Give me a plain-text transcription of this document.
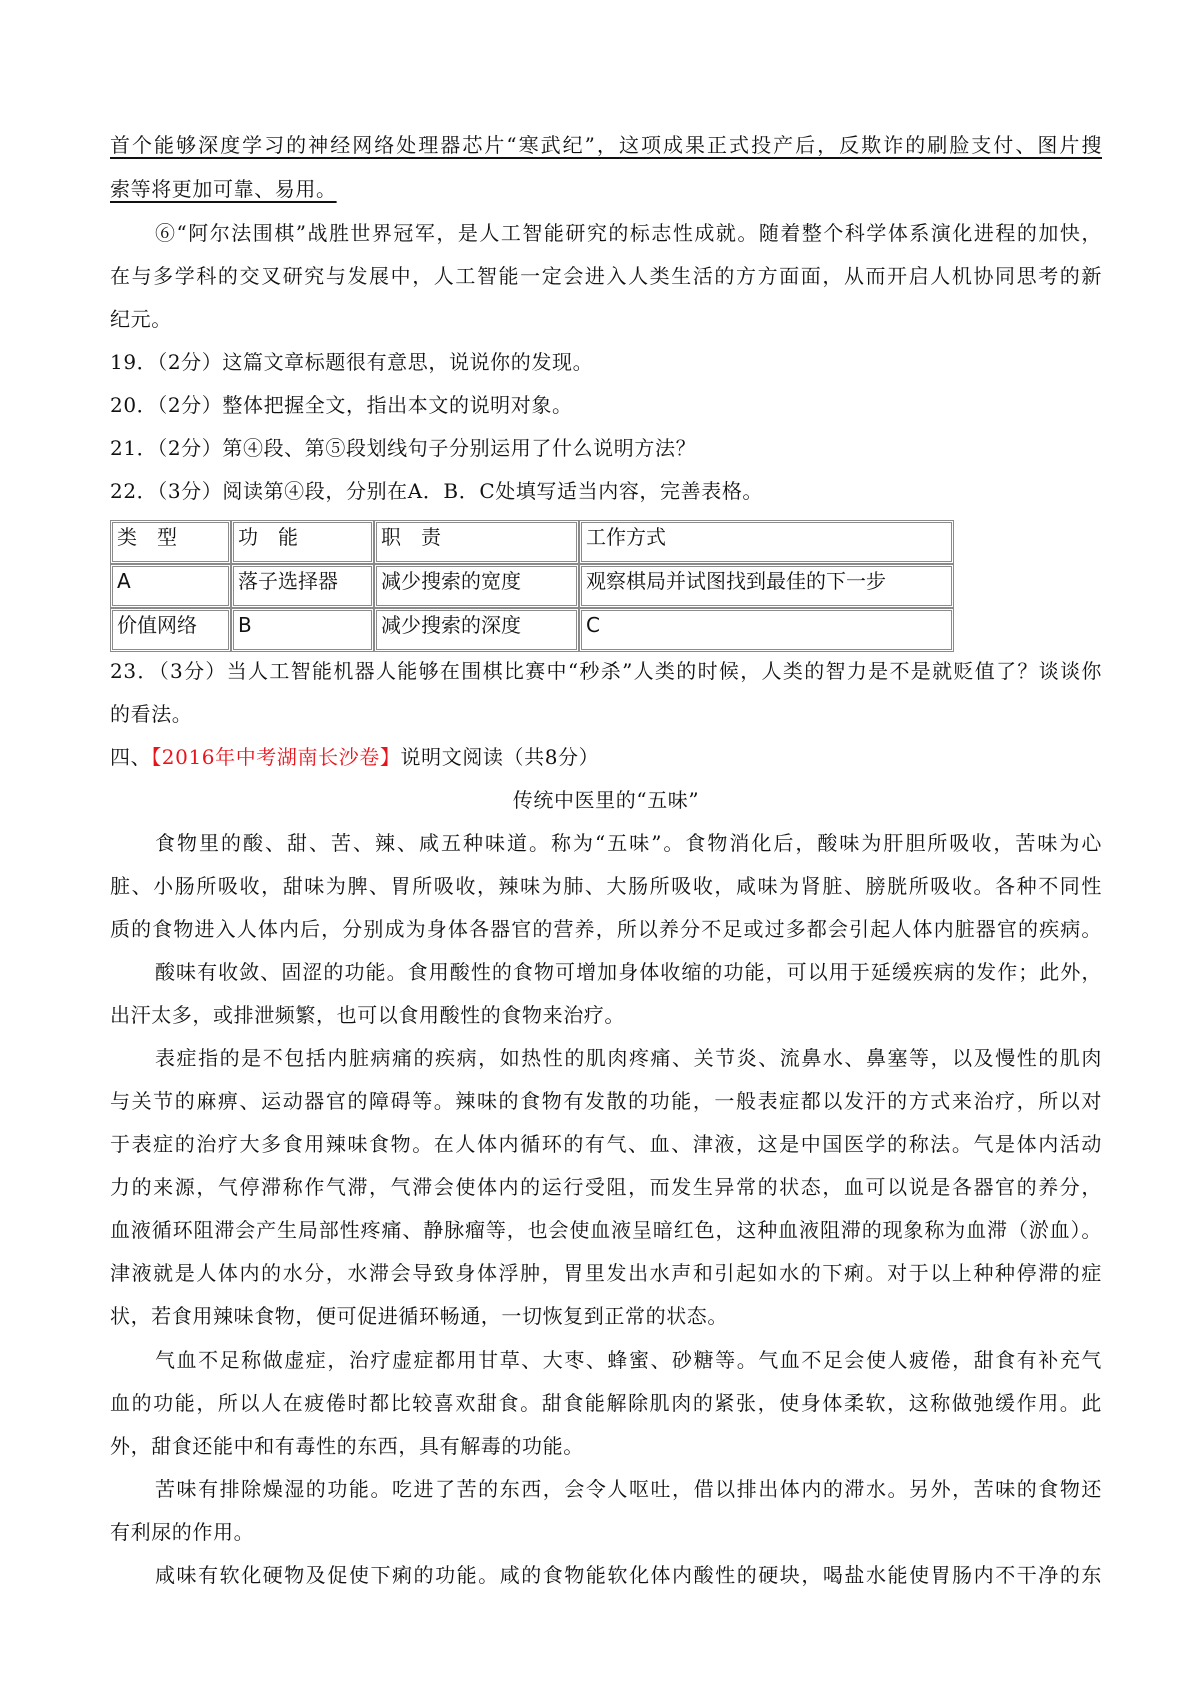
首个能够深度学习的神经网络处理器芯片“寒武纪”，这项成果正式投产后，反欺诈的刷脸支付、图片搜
索等将更加可靠、易用。
⑥“阿尔法围棋”战胜世界冠军，是人工智能研究的标志性成就。随着整个科学体系演化进程的加快，
在与多学科的交叉研究与发展中，人工智能一定会进入人类生活的方方面面，从而开启人机协同思考的新
纪元。
19．（2分）这篇文章标题很有意思，说说你的发现。
20．（2分）整体把握全文，指出本文的说明对象。
21．（2分）第④段、第⑤段划线句子分别运用了什么说明方法？
22．（3分）阅读第④段，分别在A．B．C处填写适当内容，完善表格。
类　型	功　能	职　责	工作方式
A	落子选择器	减少搜索的宽度	观察棋局并试图找到最佳的下一步
价值网络	B	减少搜索的深度	C
23．（3分）当人工智能机器人能够在围棋比赛中“秒杀”人类的时候，人类的智力是不是就贬值了？谈谈你
的看法。
四、【2016年中考湖南长沙卷】说明文阅读（共8分）
传统中医里的“五味”
食物里的酸、甜、苦、辣、咸五种味道。称为“五味”。食物消化后，酸味为肝胆所吸收，苦味为心
脏、小肠所吸收，甜味为脾、胃所吸收，辣味为肺、大肠所吸收，咸味为肾脏、膀胱所吸收。各种不同性
质的食物进入人体内后，分别成为身体各器官的营养，所以养分不足或过多都会引起人体内脏器官的疾病。
酸味有收敛、固涩的功能。食用酸性的食物可增加身体收缩的功能，可以用于延缓疾病的发作；此外，
出汗太多，或排泄频繁，也可以食用酸性的食物来治疗。
表症指的是不包括内脏病痛的疾病，如热性的肌肉疼痛、关节炎、流鼻水、鼻塞等，以及慢性的肌肉
与关节的麻痹、运动器官的障碍等。辣味的食物有发散的功能，一般表症都以发汗的方式来治疗，所以对
于表症的治疗大多食用辣味食物。在人体内循环的有气、血、津液，这是中国医学的称法。气是体内活动
力的来源，气停滞称作气滞，气滞会使体内的运行受阻，而发生异常的状态，血可以说是各器官的养分，
血液循环阻滞会产生局部性疼痛、静脉瘤等，也会使血液呈暗红色，这种血液阻滞的现象称为血滞（淤血）。
津液就是人体内的水分，水滞会导致身体浮肿，胃里发出水声和引起如水的下痢。对于以上种种停滞的症
状，若食用辣味食物，便可促进循环畅通，一切恢复到正常的状态。
气血不足称做虚症，治疗虚症都用甘草、大枣、蜂蜜、砂糖等。气血不足会使人疲倦，甜食有补充气
血的功能，所以人在疲倦时都比较喜欢甜食。甜食能解除肌肉的紧张，使身体柔软，这称做弛缓作用。此
外，甜食还能中和有毒性的东西，具有解毒的功能。
苦味有排除燥湿的功能。吃进了苦的东西，会令人呕吐，借以排出体内的滞水。另外，苦味的食物还
有利尿的作用。
咸味有软化硬物及促使下痢的功能。咸的食物能软化体内酸性的硬块，喝盐水能使胃肠内不干净的东
